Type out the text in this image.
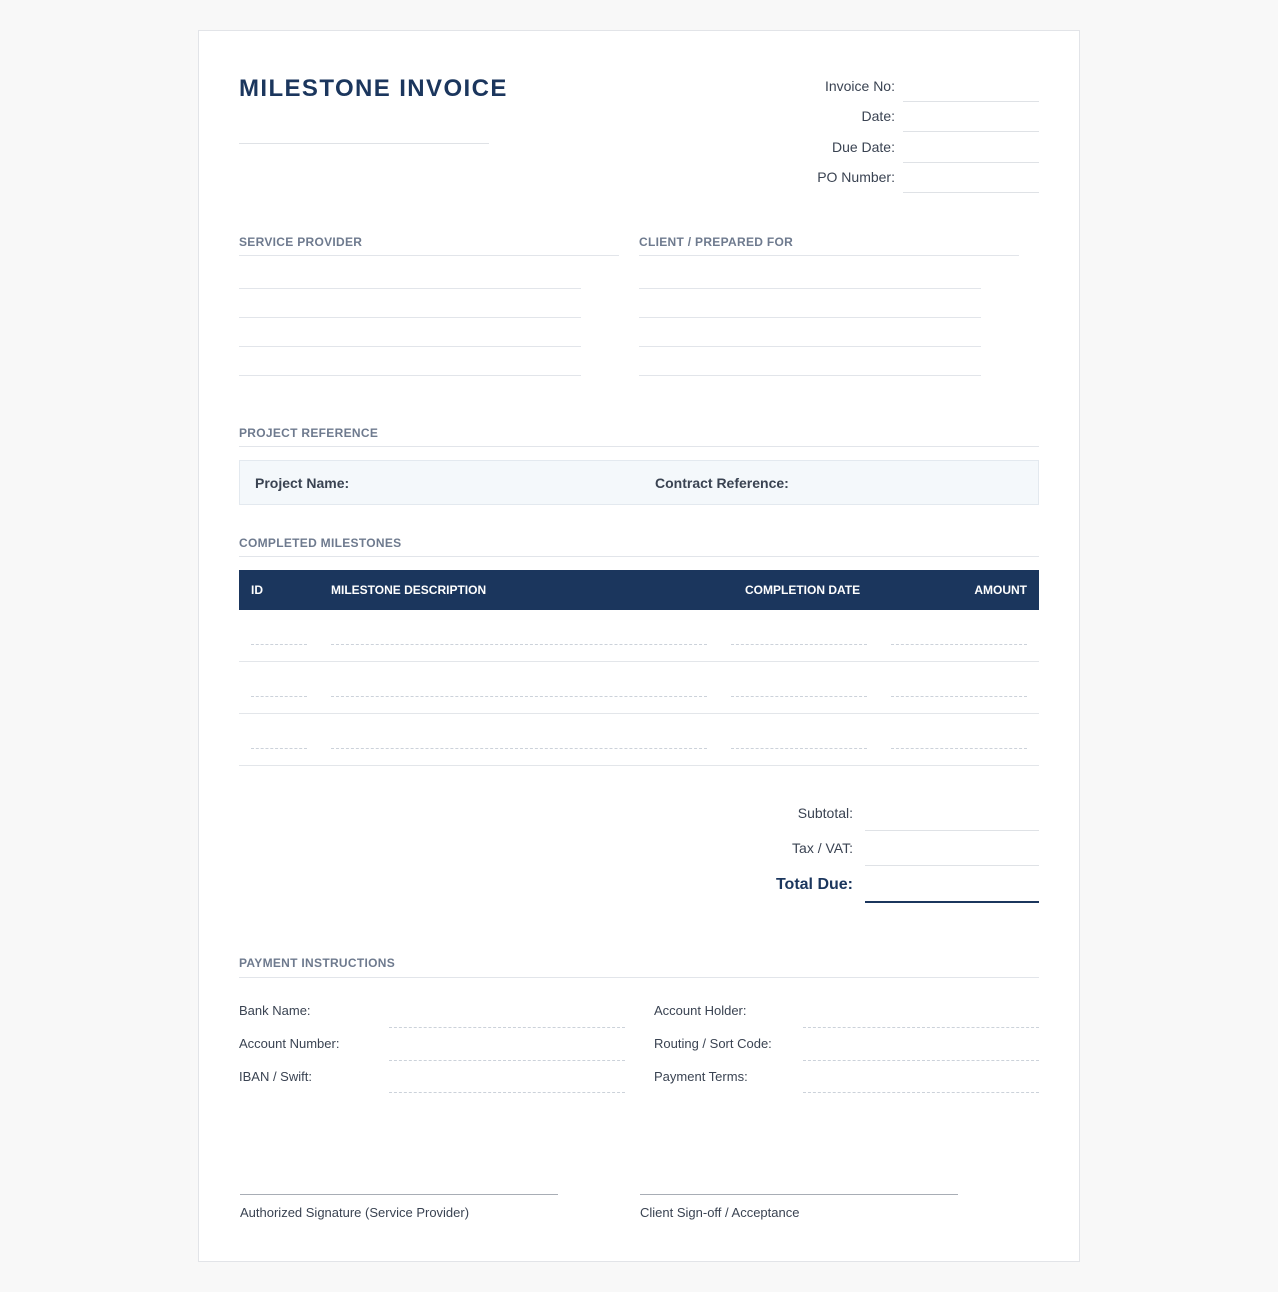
MILESTONE INVOICE	Invoice No:
Date:
Due Date:
PO Number:
SERVICE PROVIDER	CLIENT / PREPARED FOR
PROJECT REFERENCE
Project Name:	Contract Reference:
COMPLETED MILESTONES
ID	MILESTONE DESCRIPTION	COMPLETION DATE	AMOUNT
Subtotal:
Tax / VAT:
Total Due:
PAYMENT INSTRUCTIONS
Bank Name:
Account Number:
IBAN / Swift:
Account Holder:
Routing / Sort Code:
Payment Terms:
Authorized Signature (Service Provider)	Client Sign-off / Acceptance
